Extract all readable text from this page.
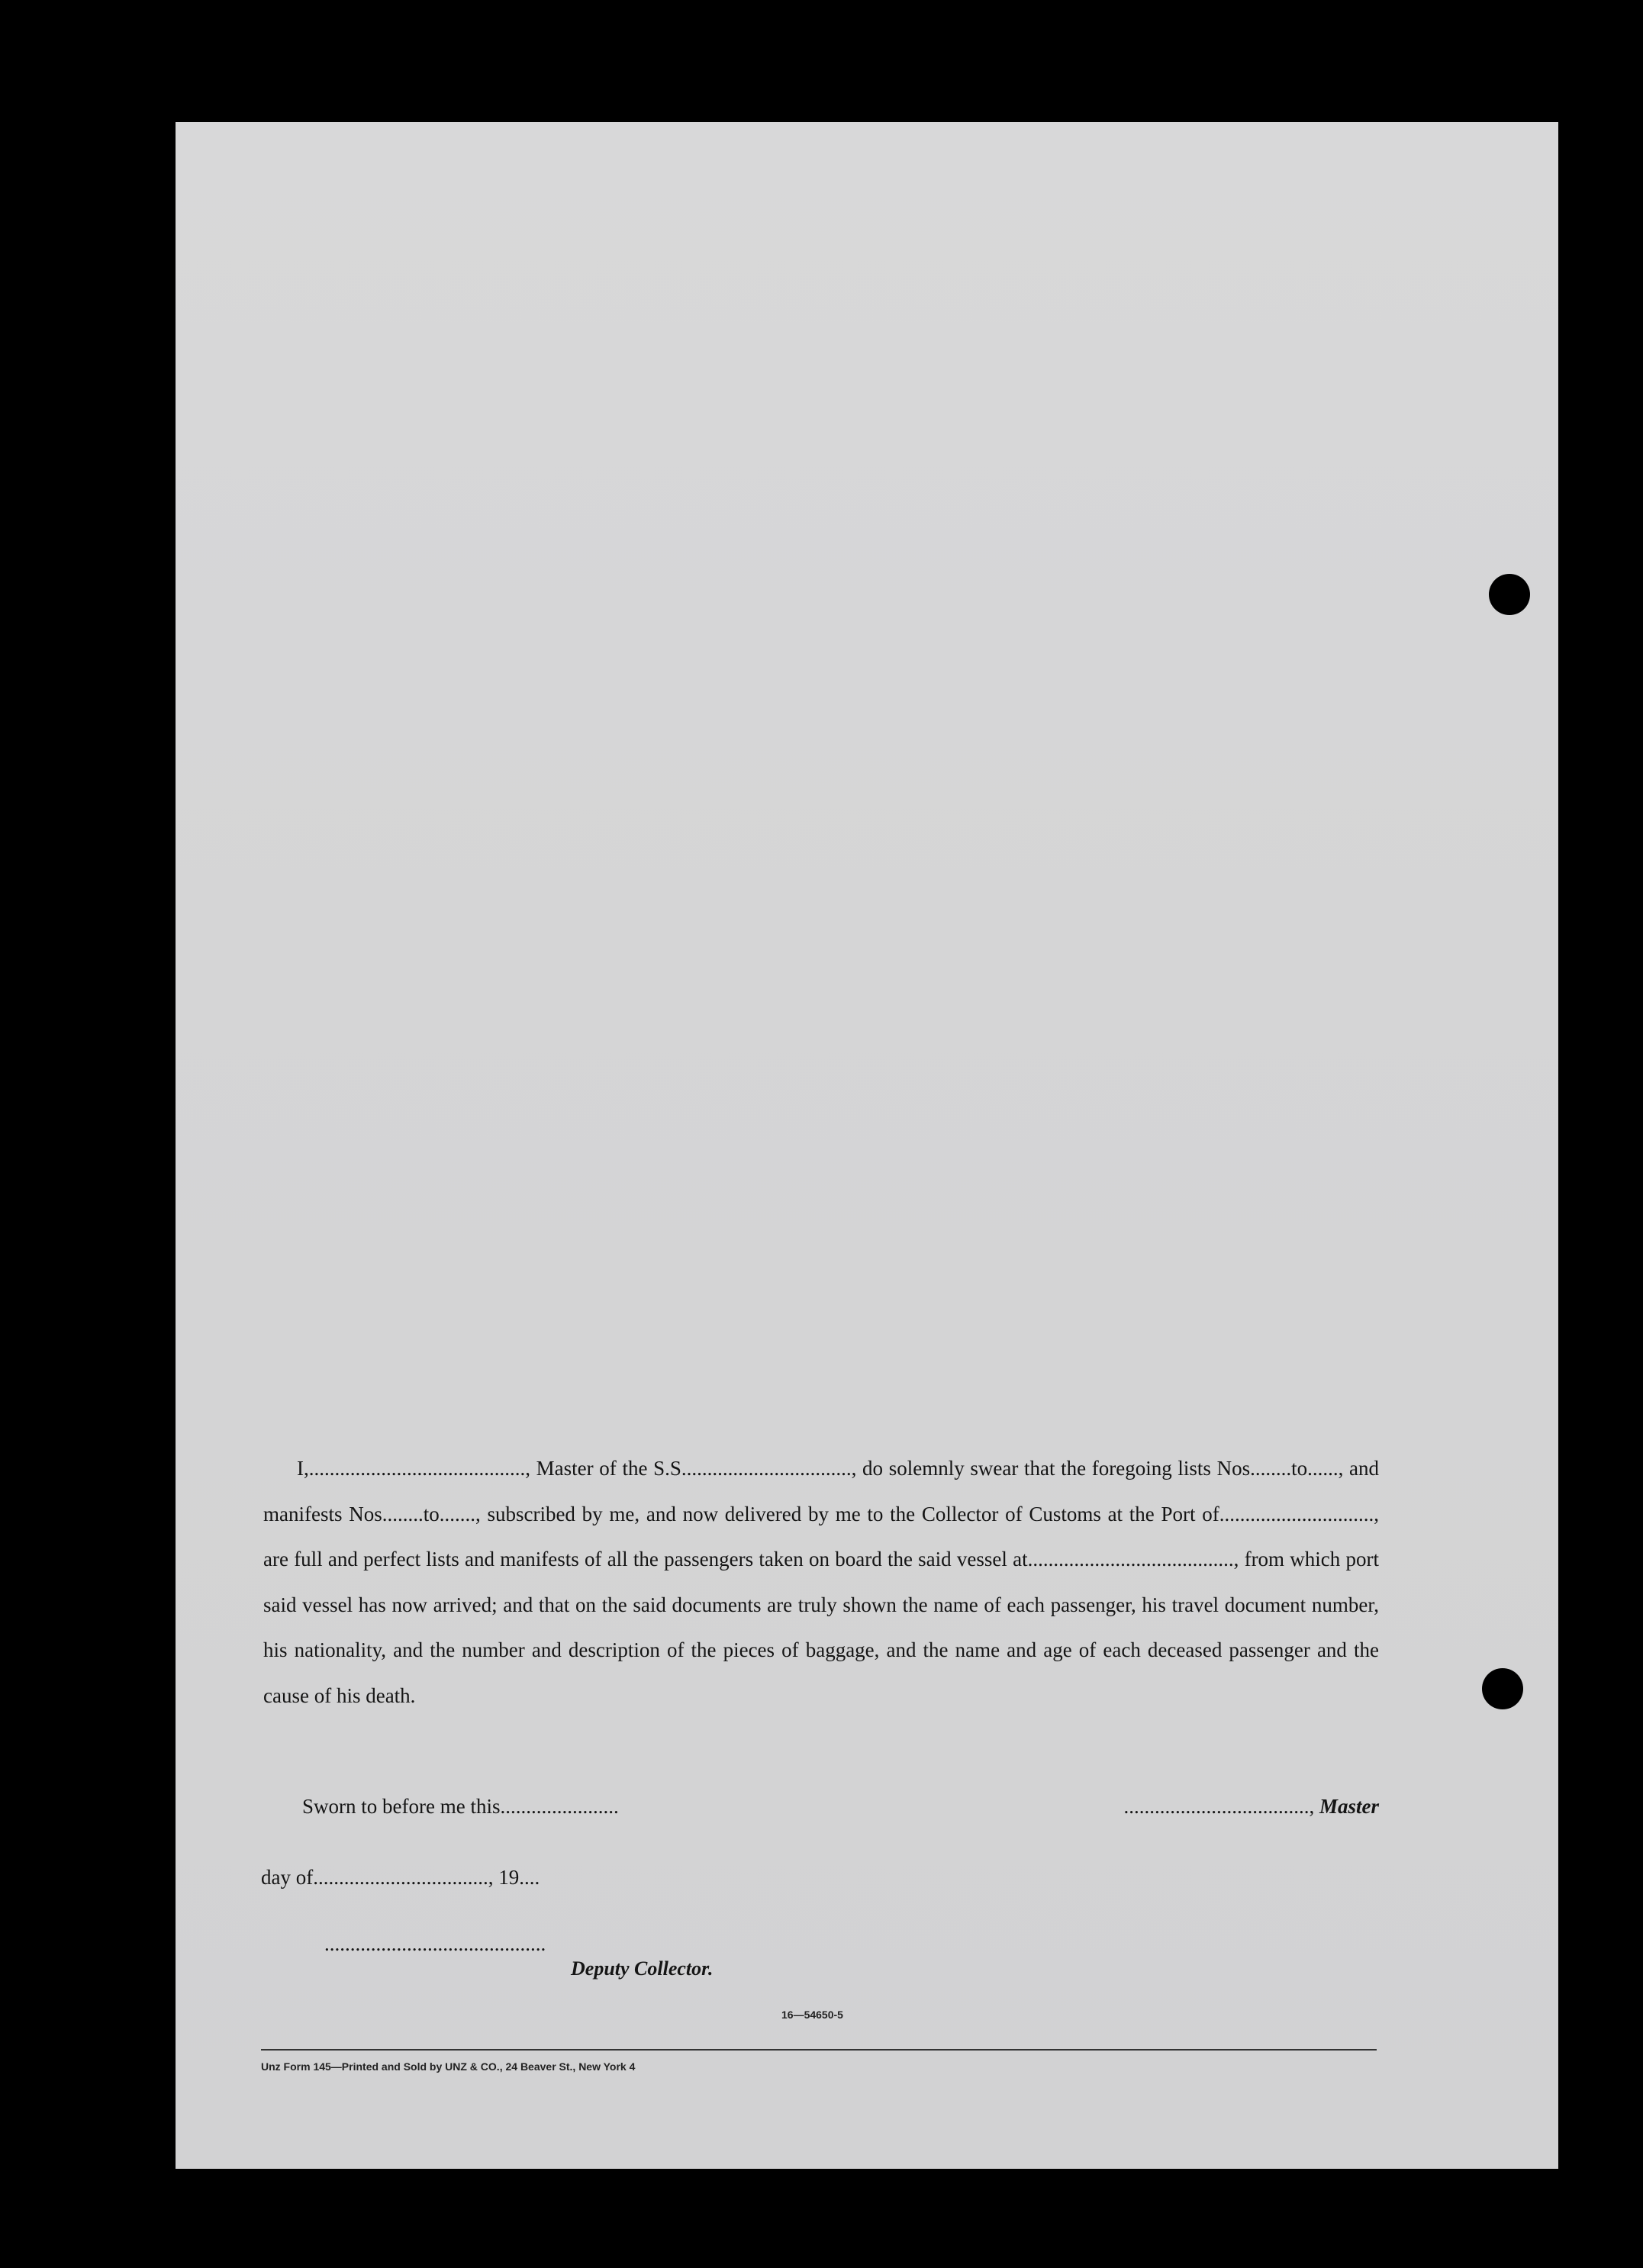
I,.........................................., Master of the S.S................................., do solemnly swear that the foregoing lists Nos........to......, and manifests Nos........to......., subscribed by me, and now delivered by me to the Collector of Customs at the Port of.............................., are full and perfect lists and manifests of all the passengers taken on board the said vessel at........................................, from which port said vessel has now arrived; and that on the said documents are truly shown the name of each passenger, his travel document number, his nationality, and the number and description of the pieces of baggage, and the name and age of each deceased passenger and the cause of his death.

Sworn to before me this.......................	...................................., Master
day of.................................., 19....
...........................................
Deputy Collector.
16—54650-5
Unz Form 145—Printed and Sold by UNZ & CO., 24 Beaver St., New York 4
